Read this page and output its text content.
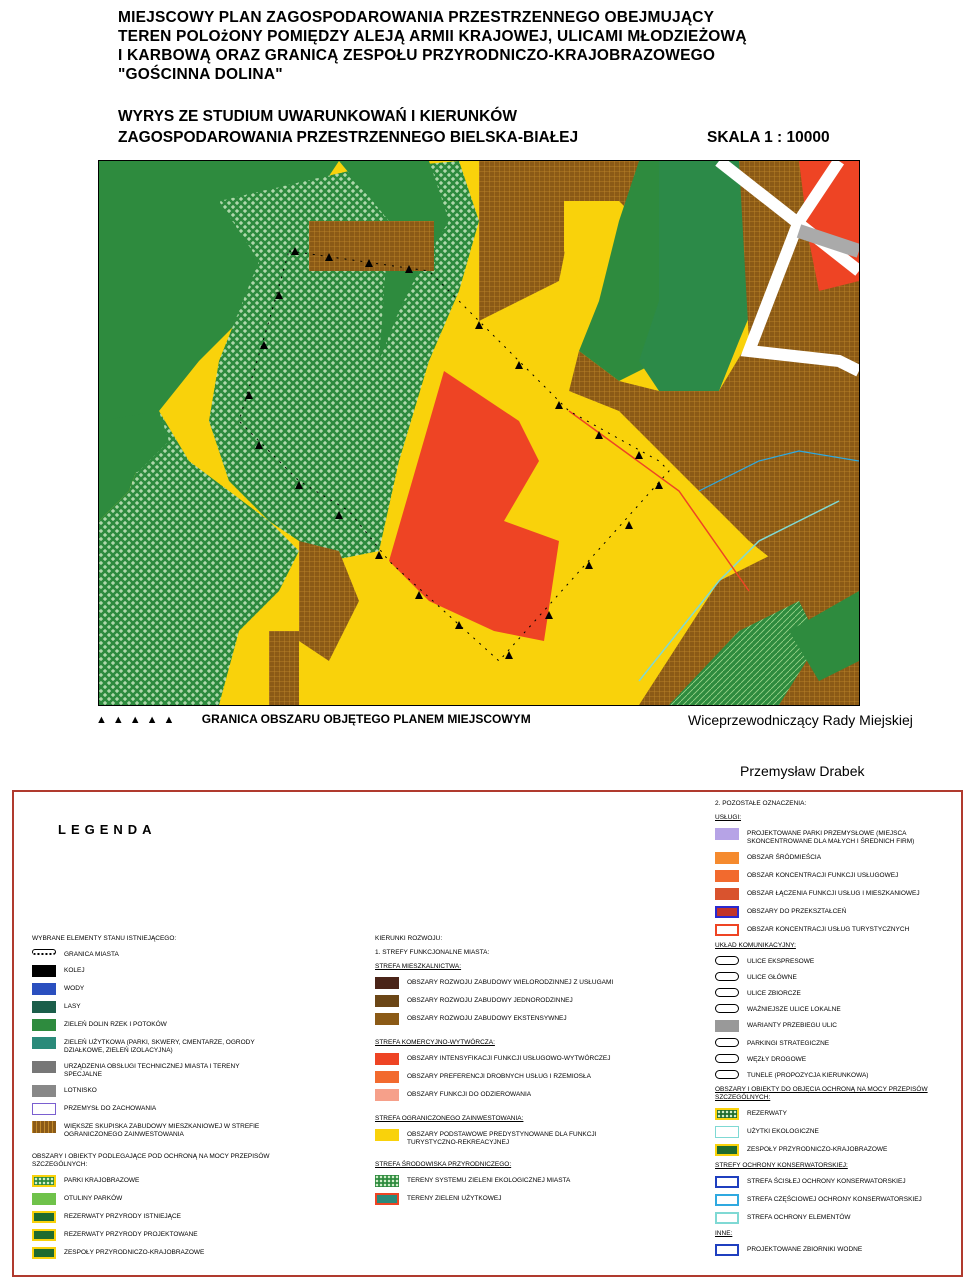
MIEJSCOWY PLAN ZAGOSPODAROWANIA PRZESTRZENNEGO OBEJMUJĄCY
TEREN POLOżONY POMIĘDZY ALEJĄ ARMII KRAJOWEJ, ULICAMI MŁODZIEŻOWĄ
I KARBOWĄ ORAZ GRANICĄ ZESPOŁU PRZYRODNICZO-KRAJOBRAZOWEGO
"GOŚCINNA DOLINA"
WYRYS ZE STUDIUM UWARUNKOWAŃ I KIERUNKÓW
ZAGOSPODAROWANIA PRZESTRZENNEGO BIELSKA-BIAŁEJ	SKALA 1 : 10000
▲▲▲▲▲ GRANICA OBSZARU OBJĘTEGO PLANEM MIEJSCOWYM	Wiceprzewodniczący Rady Miejskiej
Przemysław Drabek
LEGENDA
WYBRANE ELEMENTY STANU ISTNIEJĄCEGO:
GRANICA MIASTA
KOLEJ
WODY
LASY
ZIELEŃ DOLIN RZEK I POTOKÓW
ZIELEŃ UŻYTKOWA (PARKI, SKWERY, CMENTARZE, OGRODY DZIAŁKOWE, ZIELEŃ IZOLACYJNA)
URZĄDZENIA OBSŁUGI TECHNICZNEJ MIASTA I TERENY SPECJALNE
LOTNISKO
PRZEMYSŁ DO ZACHOWANIA
WIĘKSZE SKUPISKA ZABUDOWY MIESZKANIOWEJ W STREFIE OGRANICZONEGO ZAINWESTOWANIA
OBSZARY I OBIEKTY PODLEGAJĄCE POD OCHRONĄ NA MOCY PRZEPISÓW SZCZEGÓLNYCH:
PARKI KRAJOBRAZOWE
OTULINY PARKÓW
REZERWATY PRZYRODY ISTNIEJĄCE
REZERWATY PRZYRODY PROJEKTOWANE
ZESPOŁY PRZYRODNICZO-KRAJOBRAZOWE
KIERUNKI ROZWOJU:
1. STREFY FUNKCJONALNE MIASTA:
STREFA MIESZKALNICTWA:
OBSZARY ROZWOJU ZABUDOWY WIELORODZINNEJ Z USŁUGAMI
OBSZARY ROZWOJU ZABUDOWY JEDNORODZINNEJ
OBSZARY ROZWOJU ZABUDOWY EKSTENSYWNEJ
STREFA KOMERCYJNO-WYTWÓRCZA:
OBSZARY INTENSYFIKACJI FUNKCJI USŁUGOWO-WYTWÓRCZEJ
OBSZARY PREFERENCJI DROBNYCH USŁUG I RZEMIOSŁA
OBSZARY FUNKCJI DO ODZIEROWANIA
STREFA OGRANICZONEGO ZAINWESTOWANIA:
OBSZARY PODSTAWOWE PREDYSTYNOWANE DLA FUNKCJI TURYSTYCZNO-REKREACYJNEJ
STREFA ŚRODOWISKA PRZYRODNICZEGO:
TERENY SYSTEMU ZIELENI EKOLOGICZNEJ MIASTA
TERENY ZIELENI UŻYTKOWEJ
2. POZOSTAŁE OZNACZENIA:
USŁUGI:
PROJEKTOWANE PARKI PRZEMYSŁOWE (MIEJSCA SKONCENTROWANE DLA MAŁYCH I ŚREDNICH FIRM)
OBSZAR ŚRÓDMIEŚCIA
OBSZAR KONCENTRACJI FUNKCJI USŁUGOWEJ
OBSZAR ŁĄCZENIA FUNKCJI USŁUG I MIESZKANIOWEJ
OBSZARY DO PRZEKSZTAŁCEŃ
OBSZAR KONCENTRACJI USŁUG TURYSTYCZNYCH
UKŁAD KOMUNIKACYJNY:
ULICE EKSPRESOWE
ULICE GŁÓWNE
ULICE ZBIORCZE
WAŻNIEJSZE ULICE LOKALNE
WARIANTY PRZEBIEGU ULIC
PARKINGI STRATEGICZNE
WĘZŁY DROGOWE
TUNELE (PROPOZYCJA KIERUNKOWA)
OBSZARY I OBIEKTY DO OBJĘCIA OCHRONĄ NA MOCY PRZEPISÓW SZCZEGÓLNYCH:
REZERWATY
UŻYTKI EKOLOGICZNE
ZESPOŁY PRZYRODNICZO-KRAJOBRAZOWE
STREFY OCHRONY KONSERWATORSKIEJ:
STREFA ŚCISŁEJ OCHRONY KONSERWATORSKIEJ
STREFA CZĘŚCIOWEJ OCHRONY KONSERWATORSKIEJ
STREFA OCHRONY ELEMENTÓW
INNE:
PROJEKTOWANE ZBIORNIKI WODNE
